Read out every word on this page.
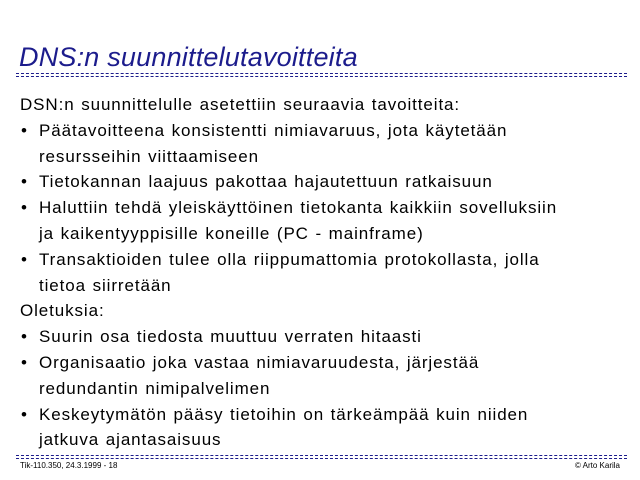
DNS:n suunnittelutavoitteita
DSN:n suunnittelulle asetettiin seuraavia tavoitteita:
• Päätavoitteena konsistentti nimiavaruus, jota käytetään
resursseihin viittaamiseen
• Tietokannan laajuus pakottaa hajautettuun ratkaisuun
• Haluttiin tehdä yleiskäyttöinen tietokanta kaikkiin sovelluksiin
ja kaikentyyppisille koneille (PC - mainframe)
• Transaktioiden tulee olla riippumattomia protokollasta, jolla
tietoa siirretään
Oletuksia:
• Suurin osa tiedosta muuttuu verraten hitaasti
• Organisaatio joka vastaa nimiavaruudesta, järjestää
redundantin nimipalvelimen
• Keskeytymätön pääsy tietoihin on tärkeämpää kuin niiden
jatkuva ajantasaisuus
Tik-110.350, 24.3.1999 - 18	© Arto Karila
